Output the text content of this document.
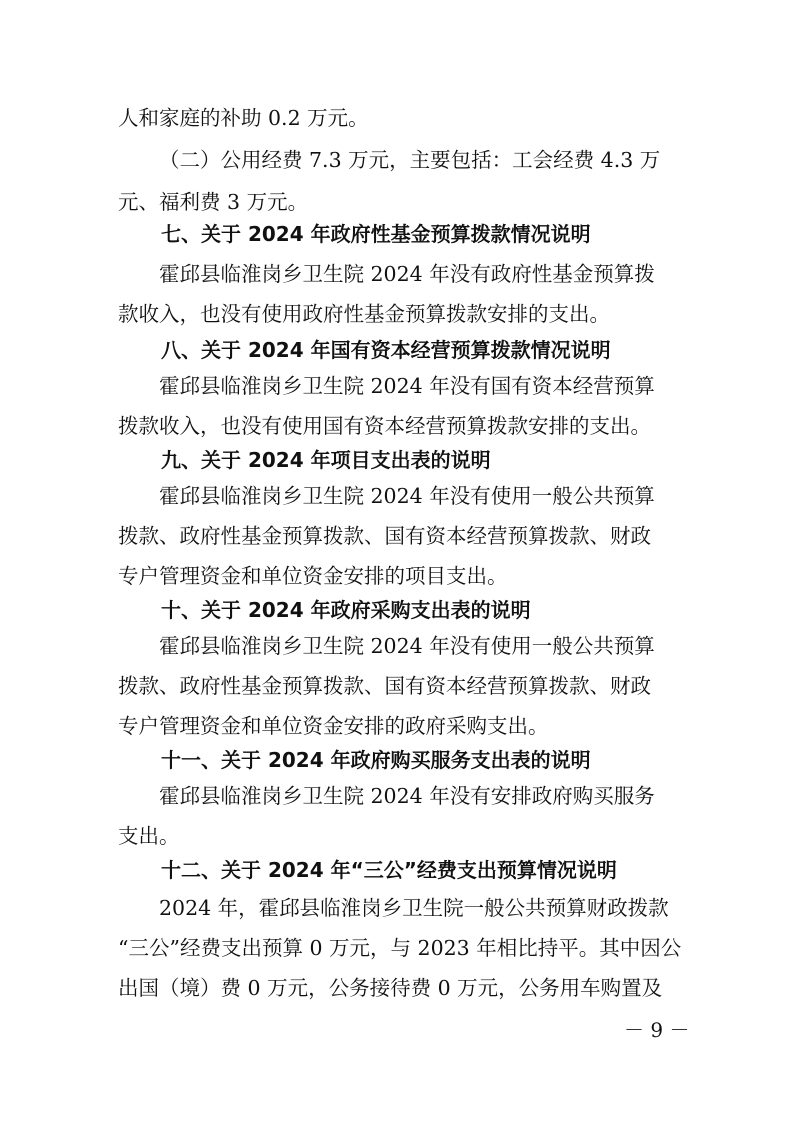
人和家庭的补助 0.2 万元。
（二）公用经费 7.3 万元，主要包括：工会经费 4.3 万
元、福利费 3 万元。
七、关于 2024 年政府性基金预算拨款情况说明
霍邱县临淮岗乡卫生院 2024 年没有政府性基金预算拨
款收入，也没有使用政府性基金预算拨款安排的支出。
八、关于 2024 年国有资本经营预算拨款情况说明
霍邱县临淮岗乡卫生院 2024 年没有国有资本经营预算
拨款收入，也没有使用国有资本经营预算拨款安排的支出。
九、关于 2024 年项目支出表的说明
霍邱县临淮岗乡卫生院 2024 年没有使用一般公共预算
拨款、政府性基金预算拨款、国有资本经营预算拨款、财政
专户管理资金和单位资金安排的项目支出。
十、关于 2024 年政府采购支出表的说明
霍邱县临淮岗乡卫生院 2024 年没有使用一般公共预算
拨款、政府性基金预算拨款、国有资本经营预算拨款、财政
专户管理资金和单位资金安排的政府采购支出。
十一、关于 2024 年政府购买服务支出表的说明
霍邱县临淮岗乡卫生院 2024 年没有安排政府购买服务
支出。
十二、关于 2024 年“三公”经费支出预算情况说明
2024 年，霍邱县临淮岗乡卫生院一般公共预算财政拨款
“三公”经费支出预算 0 万元，与 2023 年相比持平。其中因公
出国（境）费 0 万元，公务接待费 0 万元，公务用车购置及
－ 9 －
